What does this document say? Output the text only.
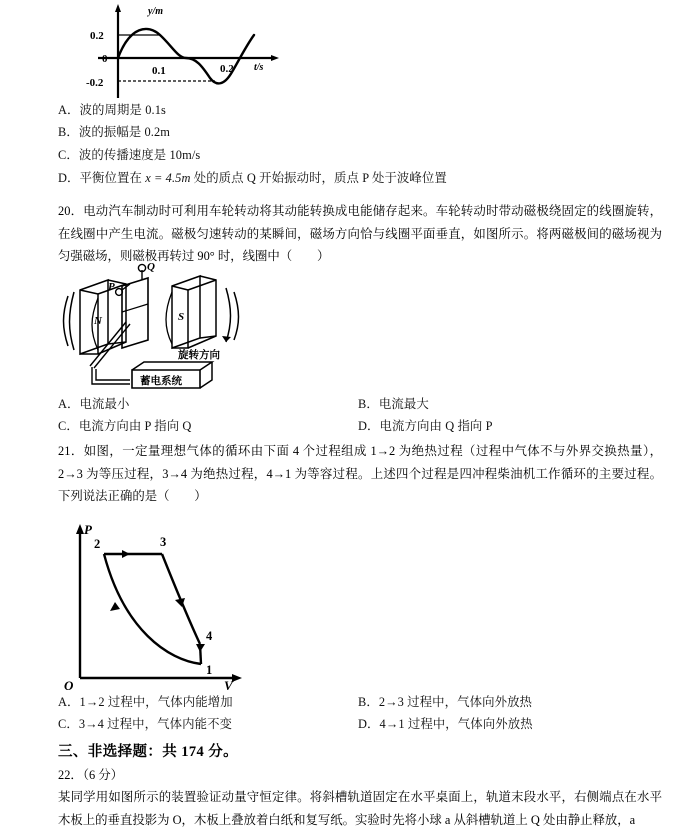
y/m
t/s
0.2
0
-0.2
0.1	0.2
A．波的周期是 0.1s
B．波的振幅是 0.2m
C．波的传播速度是 10m/s
D．平衡位置在 x = 4.5m 处的质点 Q 开始振动时，质点 P 处于波峰位置
20．电动汽车制动时可利用车轮转动将其动能转换成电能储存起来。车轮转动时带动磁极绕固定的线圈旋转，在线圈中产生电流。磁极匀速转动的某瞬间，磁场方向恰与线圈平面垂直，如图所示。将两磁极间的磁场视为匀强磁场，则磁极再转过 90° 时，线圈中（　　）
N	S
Q
P
旋转方向
蓄电系统
A．电流最小	B．电流最大
C．电流方向由 P 指向 Q	D．电流方向由 Q 指向 P
21．如图，一定量理想气体的循环由下面 4 个过程组成 1→2 为绝热过程（过程中气体不与外界交换热量），2→3 为等压过程，3→4 为绝热过程，4→1 为等容过程。上述四个过程是四冲程柴油机工作循环的主要过程。下列说法正确的是（　　）
P
V
O
2	3
4
1
A．1→2 过程中，气体内能增加	B．2→3 过程中，气体向外放热
C．3→4 过程中，气体内能不变	D．4→1 过程中，气体向外放热
三、非选择题：共 174 分。
22．（6 分）
某同学用如图所示的装置验证动量守恒定律。将斜槽轨道固定在水平桌面上，轨道末段水平，右侧端点在水平木板上的垂直投影为 O，木板上叠放着白纸和复写纸。实验时先将小球 a 从斜槽轨道上 Q 处由静止释放，a
